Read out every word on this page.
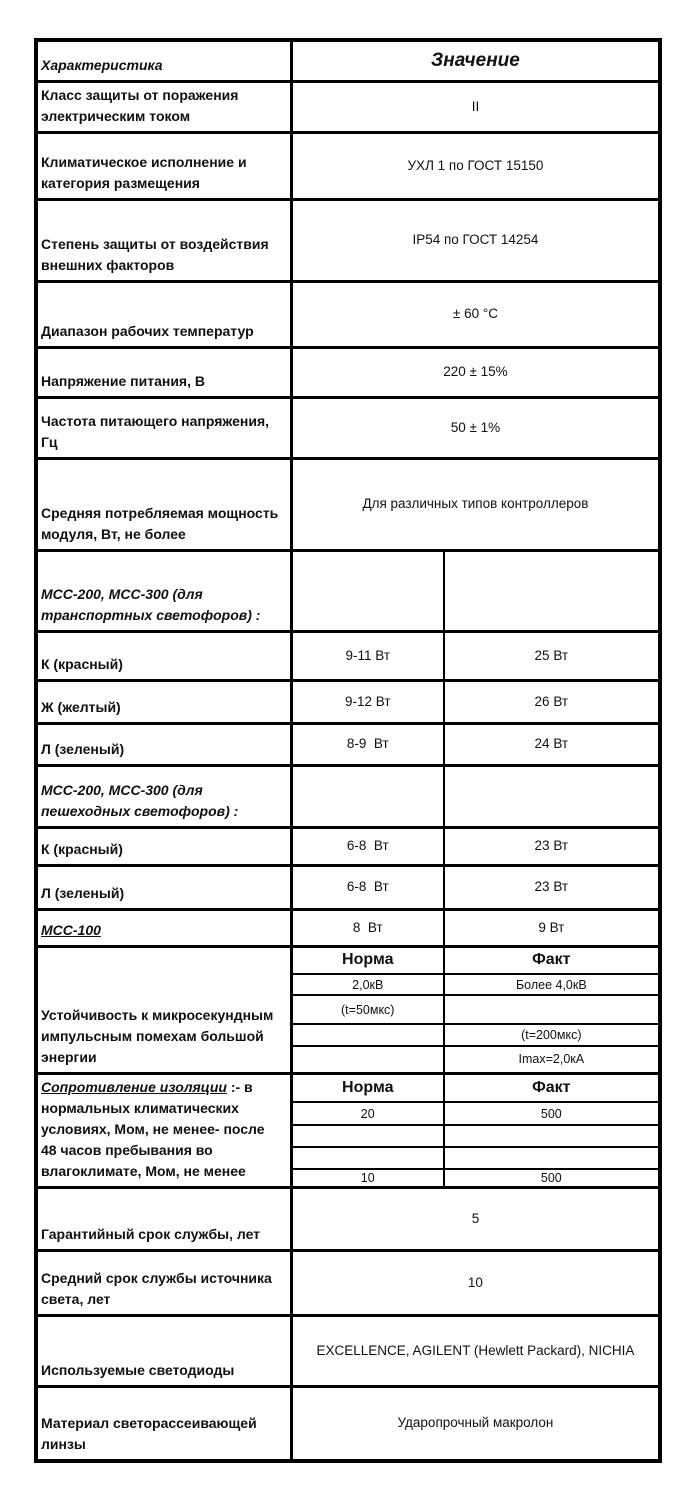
Характеристика	Значение	
Класс защиты от поражения электрическим током	II	
Климатическое исполнение и категория размещения	УХЛ 1 по ГОСТ 15150	
Степень защиты от воздействия внешних факторов	IP54 по ГОСТ 14254	
Диапазон рабочих температур	± 60 °C	
Напряжение питания, В	220 ± 15%	
Частота питающего напряжения, Гц	50 ± 1%	
Средняя потребляемая мощность модуля, Вт, не более	Для различных типов контроллеров	
МСС-200, МСС-300 (для транспортных светофоров) :		
К (красный)	9-11 Вт	25 Вт
Ж (желтый)	9-12 Вт	26 Вт
Л (зеленый)	8-9  Вт	24 Вт
МСС-200, МСС-300 (для пешеходных светофоров) :		
К (красный)	6-8  Вт	23 Вт
Л (зеленый)	6-8  Вт	23 Вт
МСС-100	8  Вт	9 Вт
Устойчивость к микросекундным импульсным помехам большой энергии	Норма	Факт
	2,0кВ	Более 4,0кВ
	(t=50мкс)	
		(t=200мкс)
		Imax=2,0кА
Сопротивление изоляции :- в нормальных климатических условиях, Мом, не менее- после 48 часов пребывания во влагоклимате, Мом, не менее	Норма	Факт
	20	500

	10	500
Гарантийный срок службы, лет	5	
Средний срок службы источника света, лет	10	
Используемые светодиоды	EXCELLENCE, AGILENT (Hewlett Packard), NICHIA	
Материал светорассеивающей линзы	Ударопрочный макролон	
